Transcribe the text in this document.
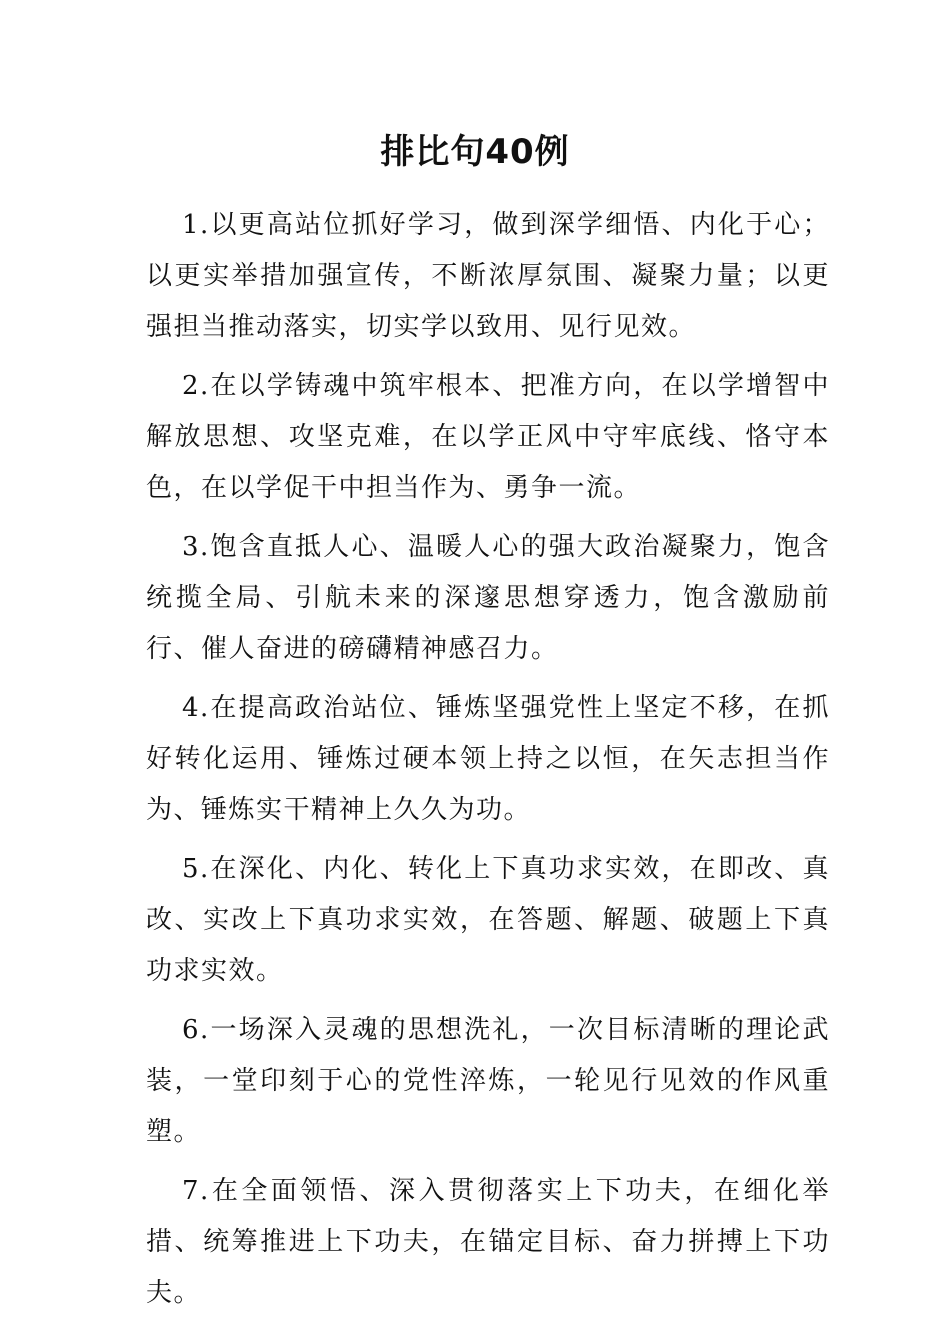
排比句40例

1.以更高站位抓好学习，做到深学细悟、内化于心；以更实举措加强宣传，不断浓厚氛围、凝聚力量；以更强担当推动落实，切实学以致用、见行见效。

2.在以学铸魂中筑牢根本、把准方向，在以学增智中解放思想、攻坚克难，在以学正风中守牢底线、恪守本色，在以学促干中担当作为、勇争一流。

3.饱含直抵人心、温暖人心的强大政治凝聚力，饱含统揽全局、引航未来的深邃思想穿透力，饱含激励前行、催人奋进的磅礴精神感召力。

4.在提高政治站位、锤炼坚强党性上坚定不移，在抓好转化运用、锤炼过硬本领上持之以恒，在矢志担当作为、锤炼实干精神上久久为功。

5.在深化、内化、转化上下真功求实效，在即改、真改、实改上下真功求实效，在答题、解题、破题上下真功求实效。

6.一场深入灵魂的思想洗礼，一次目标清晰的理论武装，一堂印刻于心的党性淬炼，一轮见行见效的作风重塑。

7.在全面领悟、深入贯彻落实上下功夫，在细化举措、统筹推进上下功夫，在锚定目标、奋力拼搏上下功夫。
